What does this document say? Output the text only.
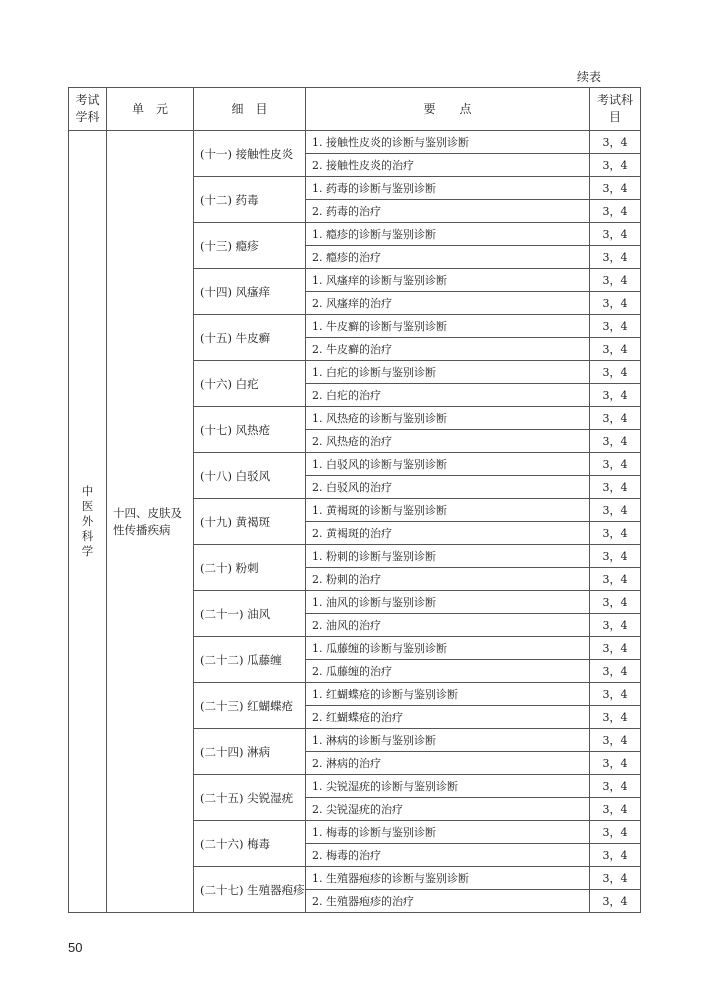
续表
考试学科	单　元	细　目	要　　点	考试科目
中医外科学	十四、皮肤及性传播疾病	(十一) 接触性皮炎	1. 接触性皮炎的诊断与鉴别诊断	3，4
			2. 接触性皮炎的治疗	3，4
		(十二) 药毒	1. 药毒的诊断与鉴别诊断	3，4
			2. 药毒的治疗	3，4
		(十三) 瘾疹	1. 瘾疹的诊断与鉴别诊断	3，4
			2. 瘾疹的治疗	3，4
		(十四) 风瘙痒	1. 风瘙痒的诊断与鉴别诊断	3，4
			2. 风瘙痒的治疗	3，4
		(十五) 牛皮癣	1. 牛皮癣的诊断与鉴别诊断	3，4
			2. 牛皮癣的治疗	3，4
		(十六) 白疕	1. 白疕的诊断与鉴别诊断	3，4
			2. 白疕的治疗	3，4
		(十七) 风热疮	1. 风热疮的诊断与鉴别诊断	3，4
			2. 风热疮的治疗	3，4
		(十八) 白驳风	1. 白驳风的诊断与鉴别诊断	3，4
			2. 白驳风的治疗	3，4
		(十九) 黄褐斑	1. 黄褐斑的诊断与鉴别诊断	3，4
			2. 黄褐斑的治疗	3，4
		(二十) 粉刺	1. 粉刺的诊断与鉴别诊断	3，4
			2. 粉刺的治疗	3，4
		(二十一) 油风	1. 油风的诊断与鉴别诊断	3，4
			2. 油风的治疗	3，4
		(二十二) 瓜藤缠	1. 瓜藤缠的诊断与鉴别诊断	3，4
			2. 瓜藤缠的治疗	3，4
		(二十三) 红蝴蝶疮	1. 红蝴蝶疮的诊断与鉴别诊断	3，4
			2. 红蝴蝶疮的治疗	3，4
		(二十四) 淋病	1. 淋病的诊断与鉴别诊断	3，4
			2. 淋病的治疗	3，4
		(二十五) 尖锐湿疣	1. 尖锐湿疣的诊断与鉴别诊断	3，4
			2. 尖锐湿疣的治疗	3，4
		(二十六) 梅毒	1. 梅毒的诊断与鉴别诊断	3，4
			2. 梅毒的治疗	3，4
		(二十七) 生殖器疱疹	1. 生殖器疱疹的诊断与鉴别诊断	3，4
			2. 生殖器疱疹的治疗	3，4
50
